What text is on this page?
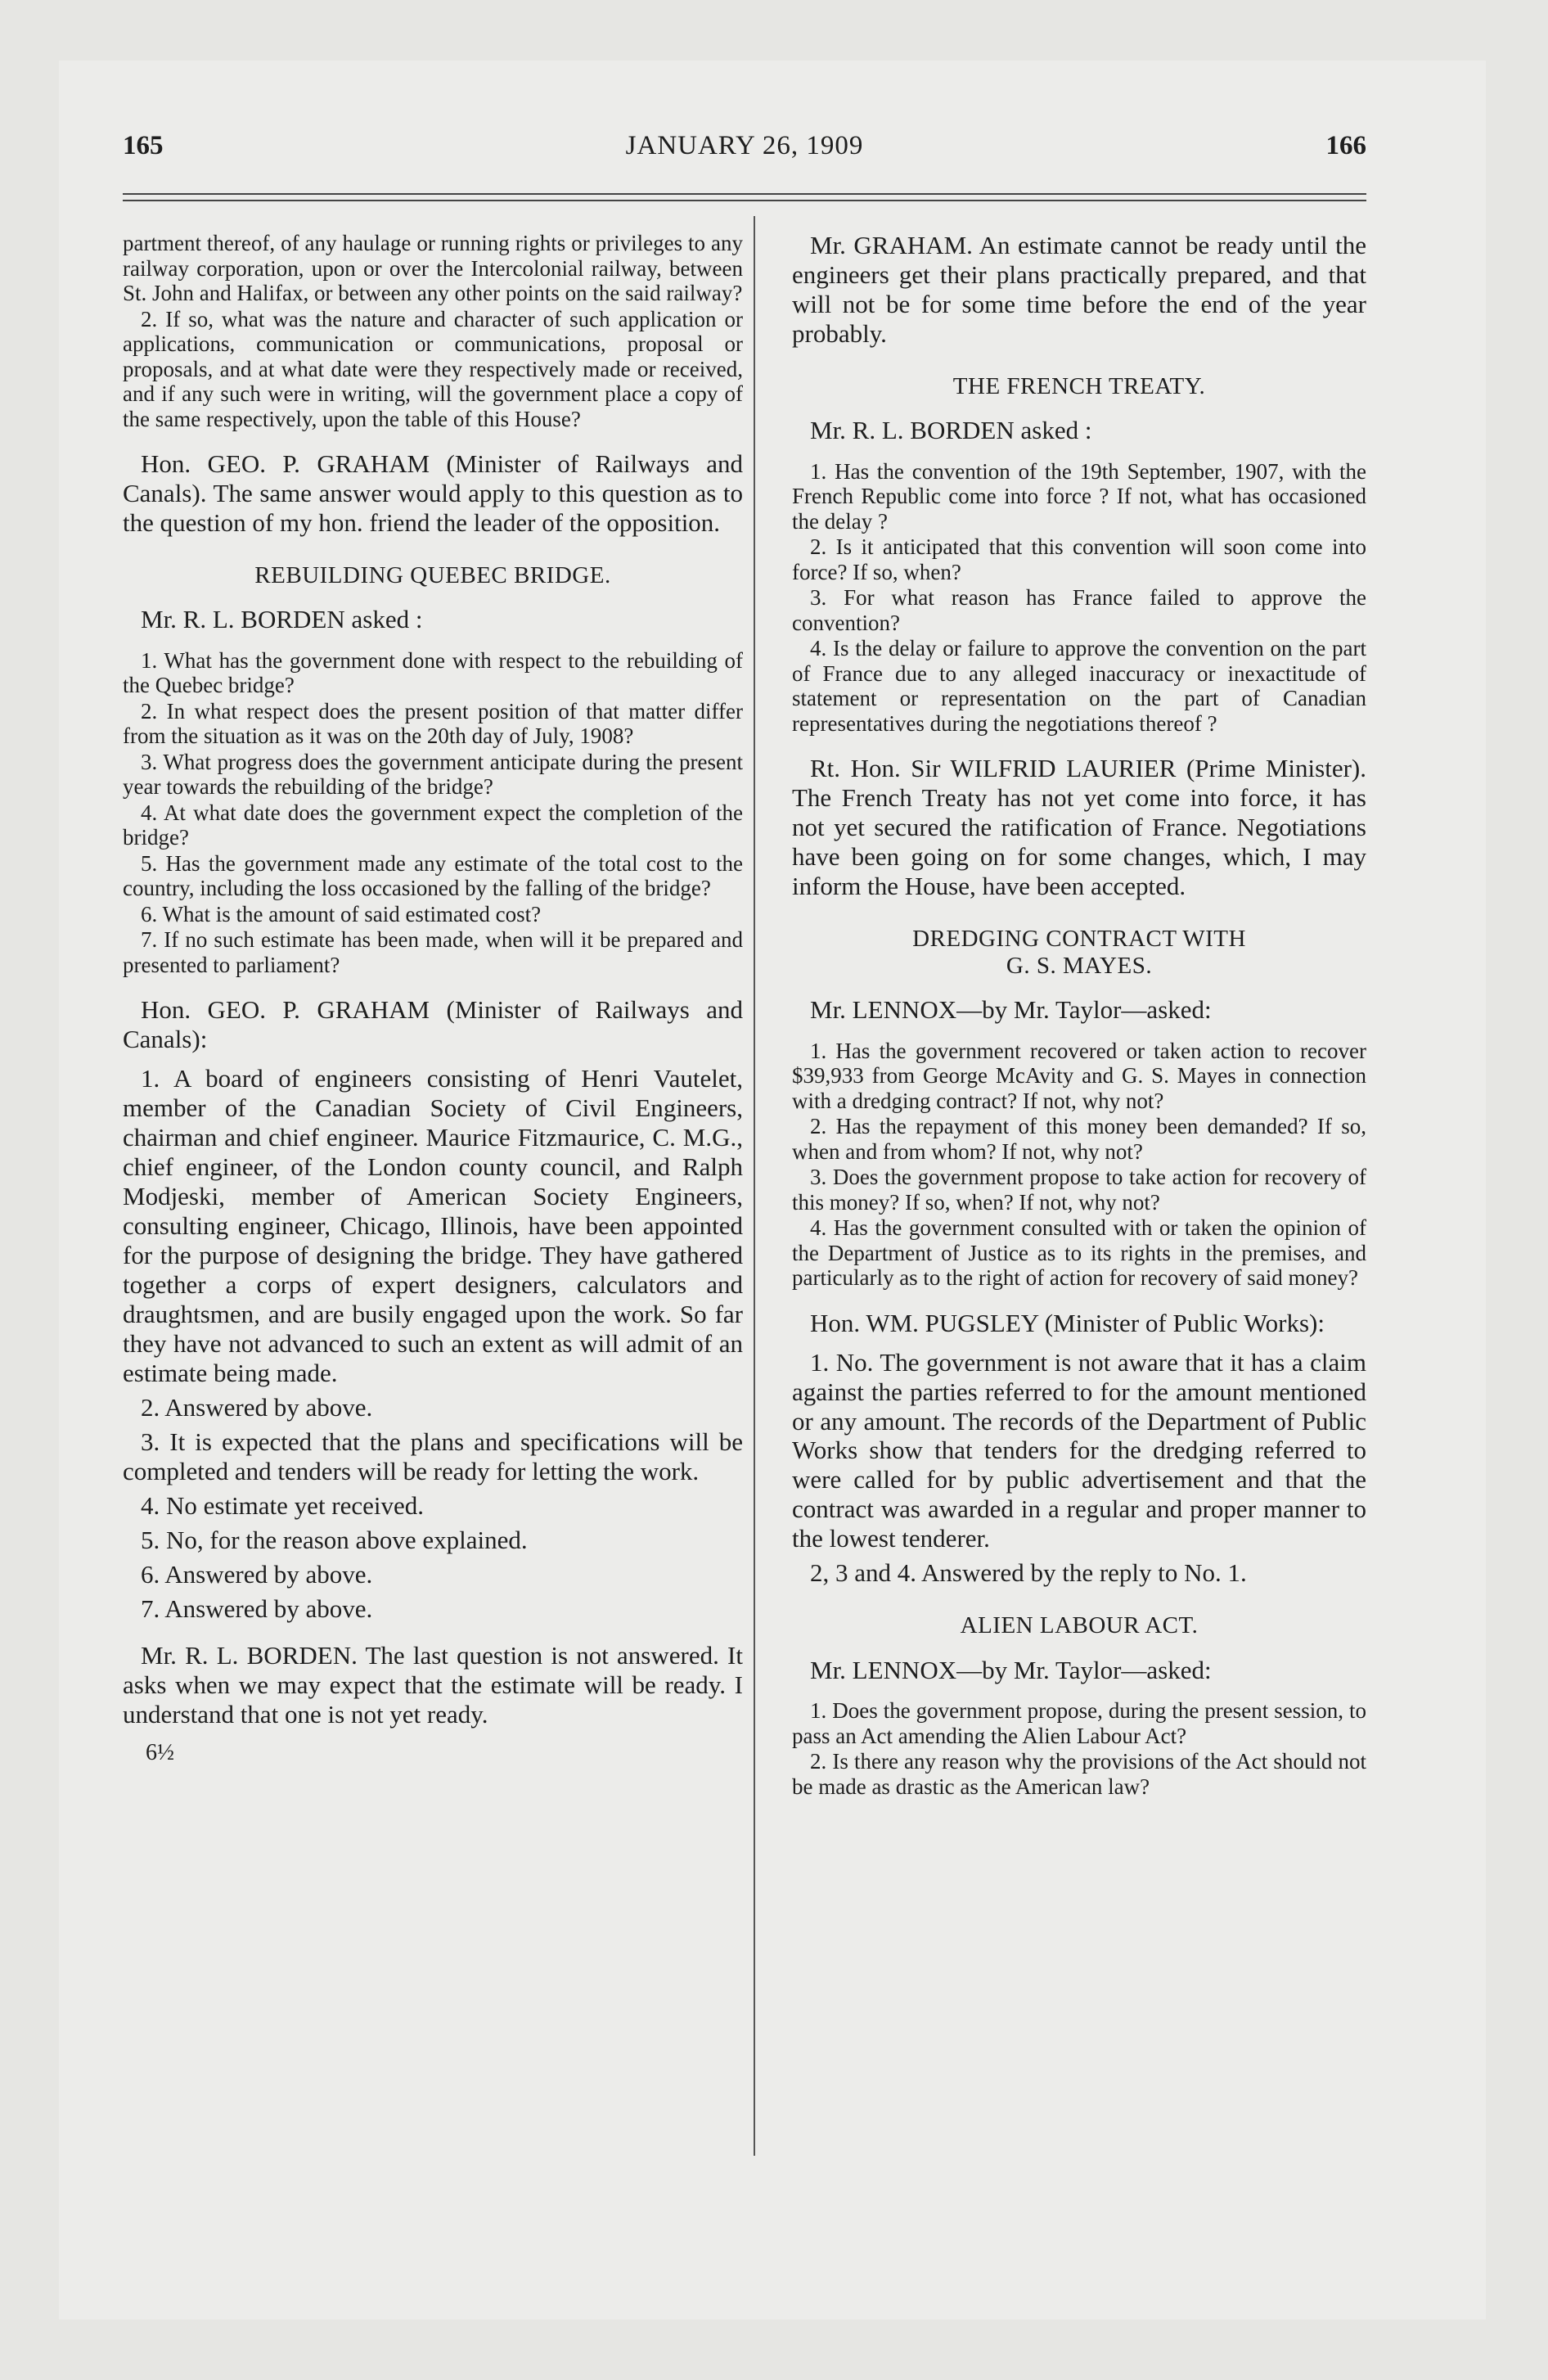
165	JANUARY 26, 1909	166

partment thereof, of any haulage or running rights or privileges to any railway corporation, upon or over the Intercolonial railway, between St. John and Halifax, or between any other points on the said railway?

2. If so, what was the nature and character of such application or applications, communication or communications, proposal or proposals, and at what date were they respectively made or received, and if any such were in writing, will the government place a copy of the same respectively, upon the table of this House?

Hon. GEO. P. GRAHAM (Minister of Railways and Canals). The same answer would apply to this question as to the question of my hon. friend the leader of the opposition.

REBUILDING QUEBEC BRIDGE.

Mr. R. L. BORDEN asked :

1. What has the government done with respect to the rebuilding of the Quebec bridge?

2. In what respect does the present position of that matter differ from the situation as it was on the 20th day of July, 1908?

3. What progress does the government anticipate during the present year towards the rebuilding of the bridge?

4. At what date does the government expect the completion of the bridge?

5. Has the government made any estimate of the total cost to the country, including the loss occasioned by the falling of the bridge?

6. What is the amount of said estimated cost?

7. If no such estimate has been made, when will it be prepared and presented to parliament?

Hon. GEO. P. GRAHAM (Minister of Railways and Canals):

1. A board of engineers consisting of Henri Vautelet, member of the Canadian Society of Civil Engineers, chairman and chief engineer. Maurice Fitzmaurice, C. M.G., chief engineer, of the London county council, and Ralph Modjeski, member of American Society Engineers, consulting engineer, Chicago, Illinois, have been appointed for the purpose of designing the bridge. They have gathered together a corps of expert designers, calculators and draughtsmen, and are busily engaged upon the work. So far they have not advanced to such an extent as will admit of an estimate being made.

2. Answered by above.

3. It is expected that the plans and specifications will be completed and tenders will be ready for letting the work.

4. No estimate yet received.

5. No, for the reason above explained.

6. Answered by above.

7. Answered by above.

Mr. R. L. BORDEN. The last question is not answered. It asks when we may expect that the estimate will be ready. I understand that one is not yet ready.

6½

Mr. GRAHAM. An estimate cannot be ready until the engineers get their plans practically prepared, and that will not be for some time before the end of the year probably.

THE FRENCH TREATY.

Mr. R. L. BORDEN asked :

1. Has the convention of the 19th September, 1907, with the French Republic come into force ? If not, what has occasioned the delay ?

2. Is it anticipated that this convention will soon come into force? If so, when?

3. For what reason has France failed to approve the convention?

4. Is the delay or failure to approve the convention on the part of France due to any alleged inaccuracy or inexactitude of statement or representation on the part of Canadian representatives during the negotiations thereof ?

Rt. Hon. Sir WILFRID LAURIER (Prime Minister). The French Treaty has not yet come into force, it has not yet secured the ratification of France. Negotiations have been going on for some changes, which, I may inform the House, have been accepted.

DREDGING CONTRACT WITH
G. S. MAYES.

Mr. LENNOX—by Mr. Taylor—asked:

1. Has the government recovered or taken action to recover $39,933 from George McAvity and G. S. Mayes in connection with a dredging contract? If not, why not?

2. Has the repayment of this money been demanded? If so, when and from whom? If not, why not?

3. Does the government propose to take action for recovery of this money? If so, when? If not, why not?

4. Has the government consulted with or taken the opinion of the Department of Justice as to its rights in the premises, and particularly as to the right of action for recovery of said money?

Hon. WM. PUGSLEY (Minister of Public Works):

1. No. The government is not aware that it has a claim against the parties referred to for the amount mentioned or any amount. The records of the Department of Public Works show that tenders for the dredging referred to were called for by public advertisement and that the contract was awarded in a regular and proper manner to the lowest tenderer.

2, 3 and 4. Answered by the reply to No. 1.

ALIEN LABOUR ACT.

Mr. LENNOX—by Mr. Taylor—asked:

1. Does the government propose, during the present session, to pass an Act amending the Alien Labour Act?

2. Is there any reason why the provisions of the Act should not be made as drastic as the American law?
